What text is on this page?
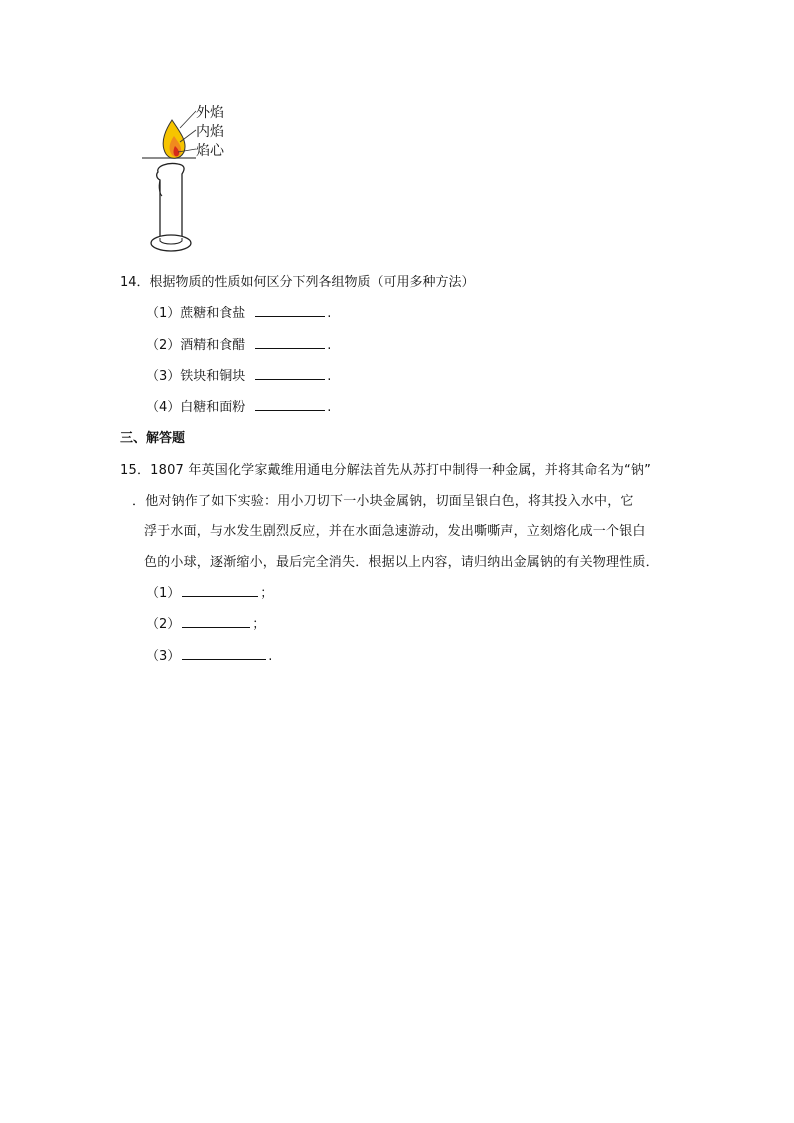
外焰
内焰
焰心
14．根据物质的性质如何区分下列各组物质（可用多种方法）
（1）蔗糖和食盐	.
（2）酒精和食醋	.
（3）铁块和铜块	.
（4）白糖和面粉	.
三、解答题
15．1807 年英国化学家戴维用通电分解法首先从苏打中制得一种金属，并将其命名为“钠”
．他对钠作了如下实验：用小刀切下一小块金属钠，切面呈银白色，将其投入水中，它
浮于水面，与水发生剧烈反应，并在水面急速游动，发出嘶嘶声，立刻熔化成一个银白
色的小球，逐渐缩小，最后完全消失．根据以上内容，请归纳出金属钠的有关物理性质．
（1）	；
（2）	；
（3）	.
